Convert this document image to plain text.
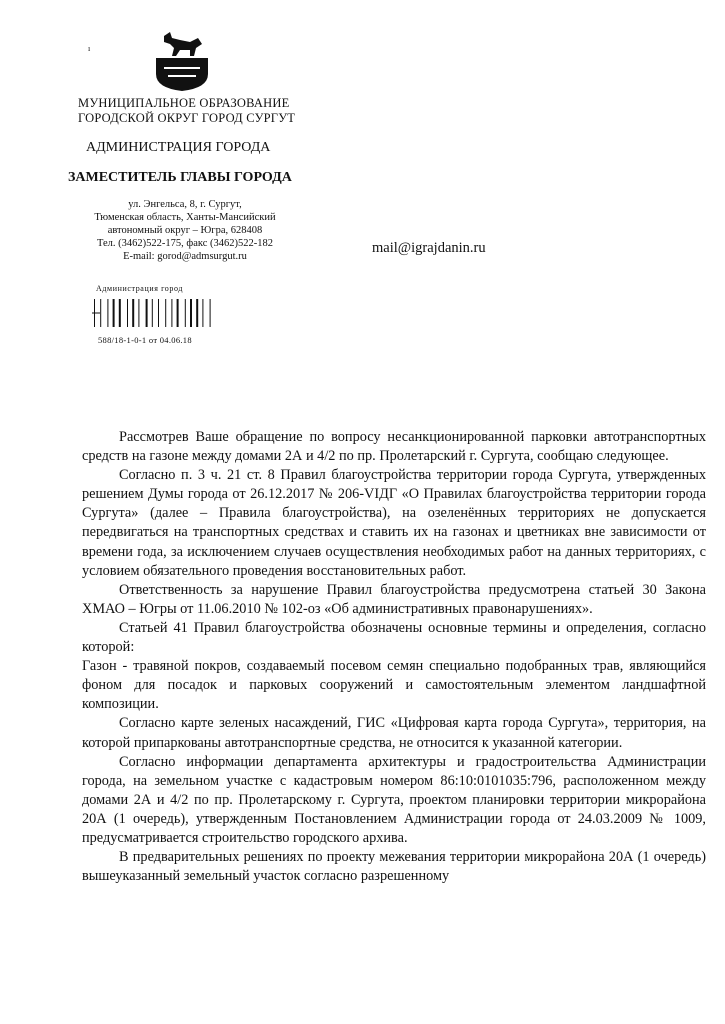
ı
МУНИЦИПАЛЬНОЕ ОБРАЗОВАНИЕ
ГОРОДСКОЙ ОКРУГ ГОРОД СУРГУТ
АДМИНИСТРАЦИЯ ГОРОДА
ЗАМЕСТИТЕЛЬ ГЛАВЫ ГОРОДА
ул. Энгельса, 8, г. Сургут,
Тюменская область, Ханты-Мансийский
автономный округ – Югра, 628408
Тел. (3462)522-175, факс (3462)522-182
E-mail: gorod@admsurgut.ru
mail@igrajdanin.ru
Администрация город
588/18-1-0-1 от 04.06.18

Рассмотрев Ваше обращение по вопросу несанкционированной парковки автотранспортных средств на газоне между домами 2А и 4/2 по пр. Пролетарский г. Сургута, сообщаю следующее.

Согласно п. 3 ч. 21 ст. 8 Правил благоустройства территории города Сургута, утвержденных решением Думы города от 26.12.2017 № 206-VIДГ «О Правилах благоустройства территории города Сургута» (далее – Правила благоустройства), на озеленённых территориях не допускается передвигаться на транспортных средствах и ставить их на газонах и цветниках вне зависимости от времени года, за исключением случаев осуществления необходимых работ на данных территориях, с условием обязательного проведения восстановительных работ.

Ответственность за нарушение Правил благоустройства предусмотрена статьей 30 Закона ХМАО – Югры от 11.06.2010 № 102-оз «Об административных правонарушениях».

Статьей 41 Правил благоустройства обозначены основные термины и определения, согласно которой:

Газон - травяной покров, создаваемый посевом семян специально подобранных трав, являющийся фоном для посадок и парковых сооружений и самостоятельным элементом ландшафтной композиции.

Согласно карте зеленых насаждений, ГИС «Цифровая карта города Сургута», территория, на которой припаркованы автотранспортные средства, не относится к указанной категории.

Согласно информации департамента архитектуры и градостроительства Администрации города, на земельном участке с кадастровым номером 86:10:0101035:796, расположенном между домами 2А и 4/2 по пр. Пролетарскому г. Сургута, проектом планировки территории микрорайона 20А (1 очередь), утвержденным Постановлением Администрации города от 24.03.2009 № 1009, предусматривается строительство городского архива.

В предварительных решениях по проекту межевания территории микрорайона 20А (1 очередь) вышеуказанный земельный участок согласно разрешенному
